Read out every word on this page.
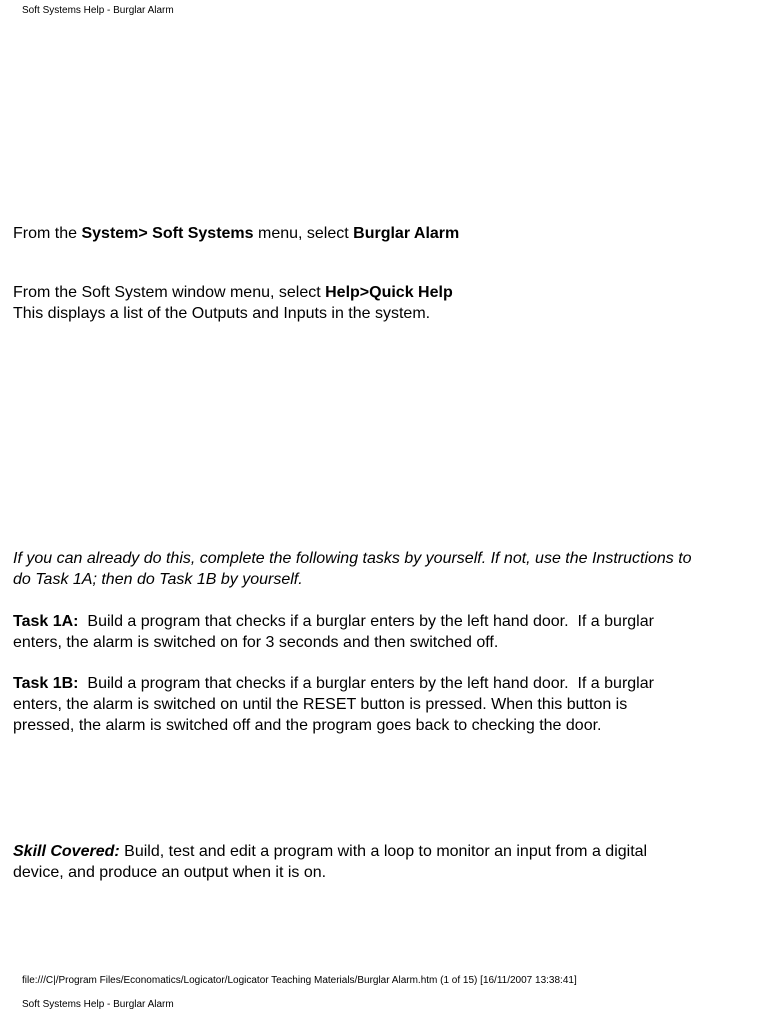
Soft Systems Help - Burglar Alarm
From the System> Soft Systems menu, select Burglar Alarm
From the Soft System window menu, select Help>Quick Help
This displays a list of the Outputs and Inputs in the system.
If you can already do this, complete the following tasks by yourself. If not, use the Instructions to
do Task 1A; then do Task 1B by yourself.
Task 1A:  Build a program that checks if a burglar enters by the left hand door.  If a burglar
enters, the alarm is switched on for 3 seconds and then switched off.
Task 1B:  Build a program that checks if a burglar enters by the left hand door.  If a burglar
enters, the alarm is switched on until the RESET button is pressed. When this button is
pressed, the alarm is switched off and the program goes back to checking the door.
Skill Covered: Build, test and edit a program with a loop to monitor an input from a digital
device, and produce an output when it is on.
file:///C|/Program Files/Economatics/Logicator/Logicator Teaching Materials/Burglar Alarm.htm (1 of 15) [16/11/2007 13:38:41]
Soft Systems Help - Burglar Alarm
